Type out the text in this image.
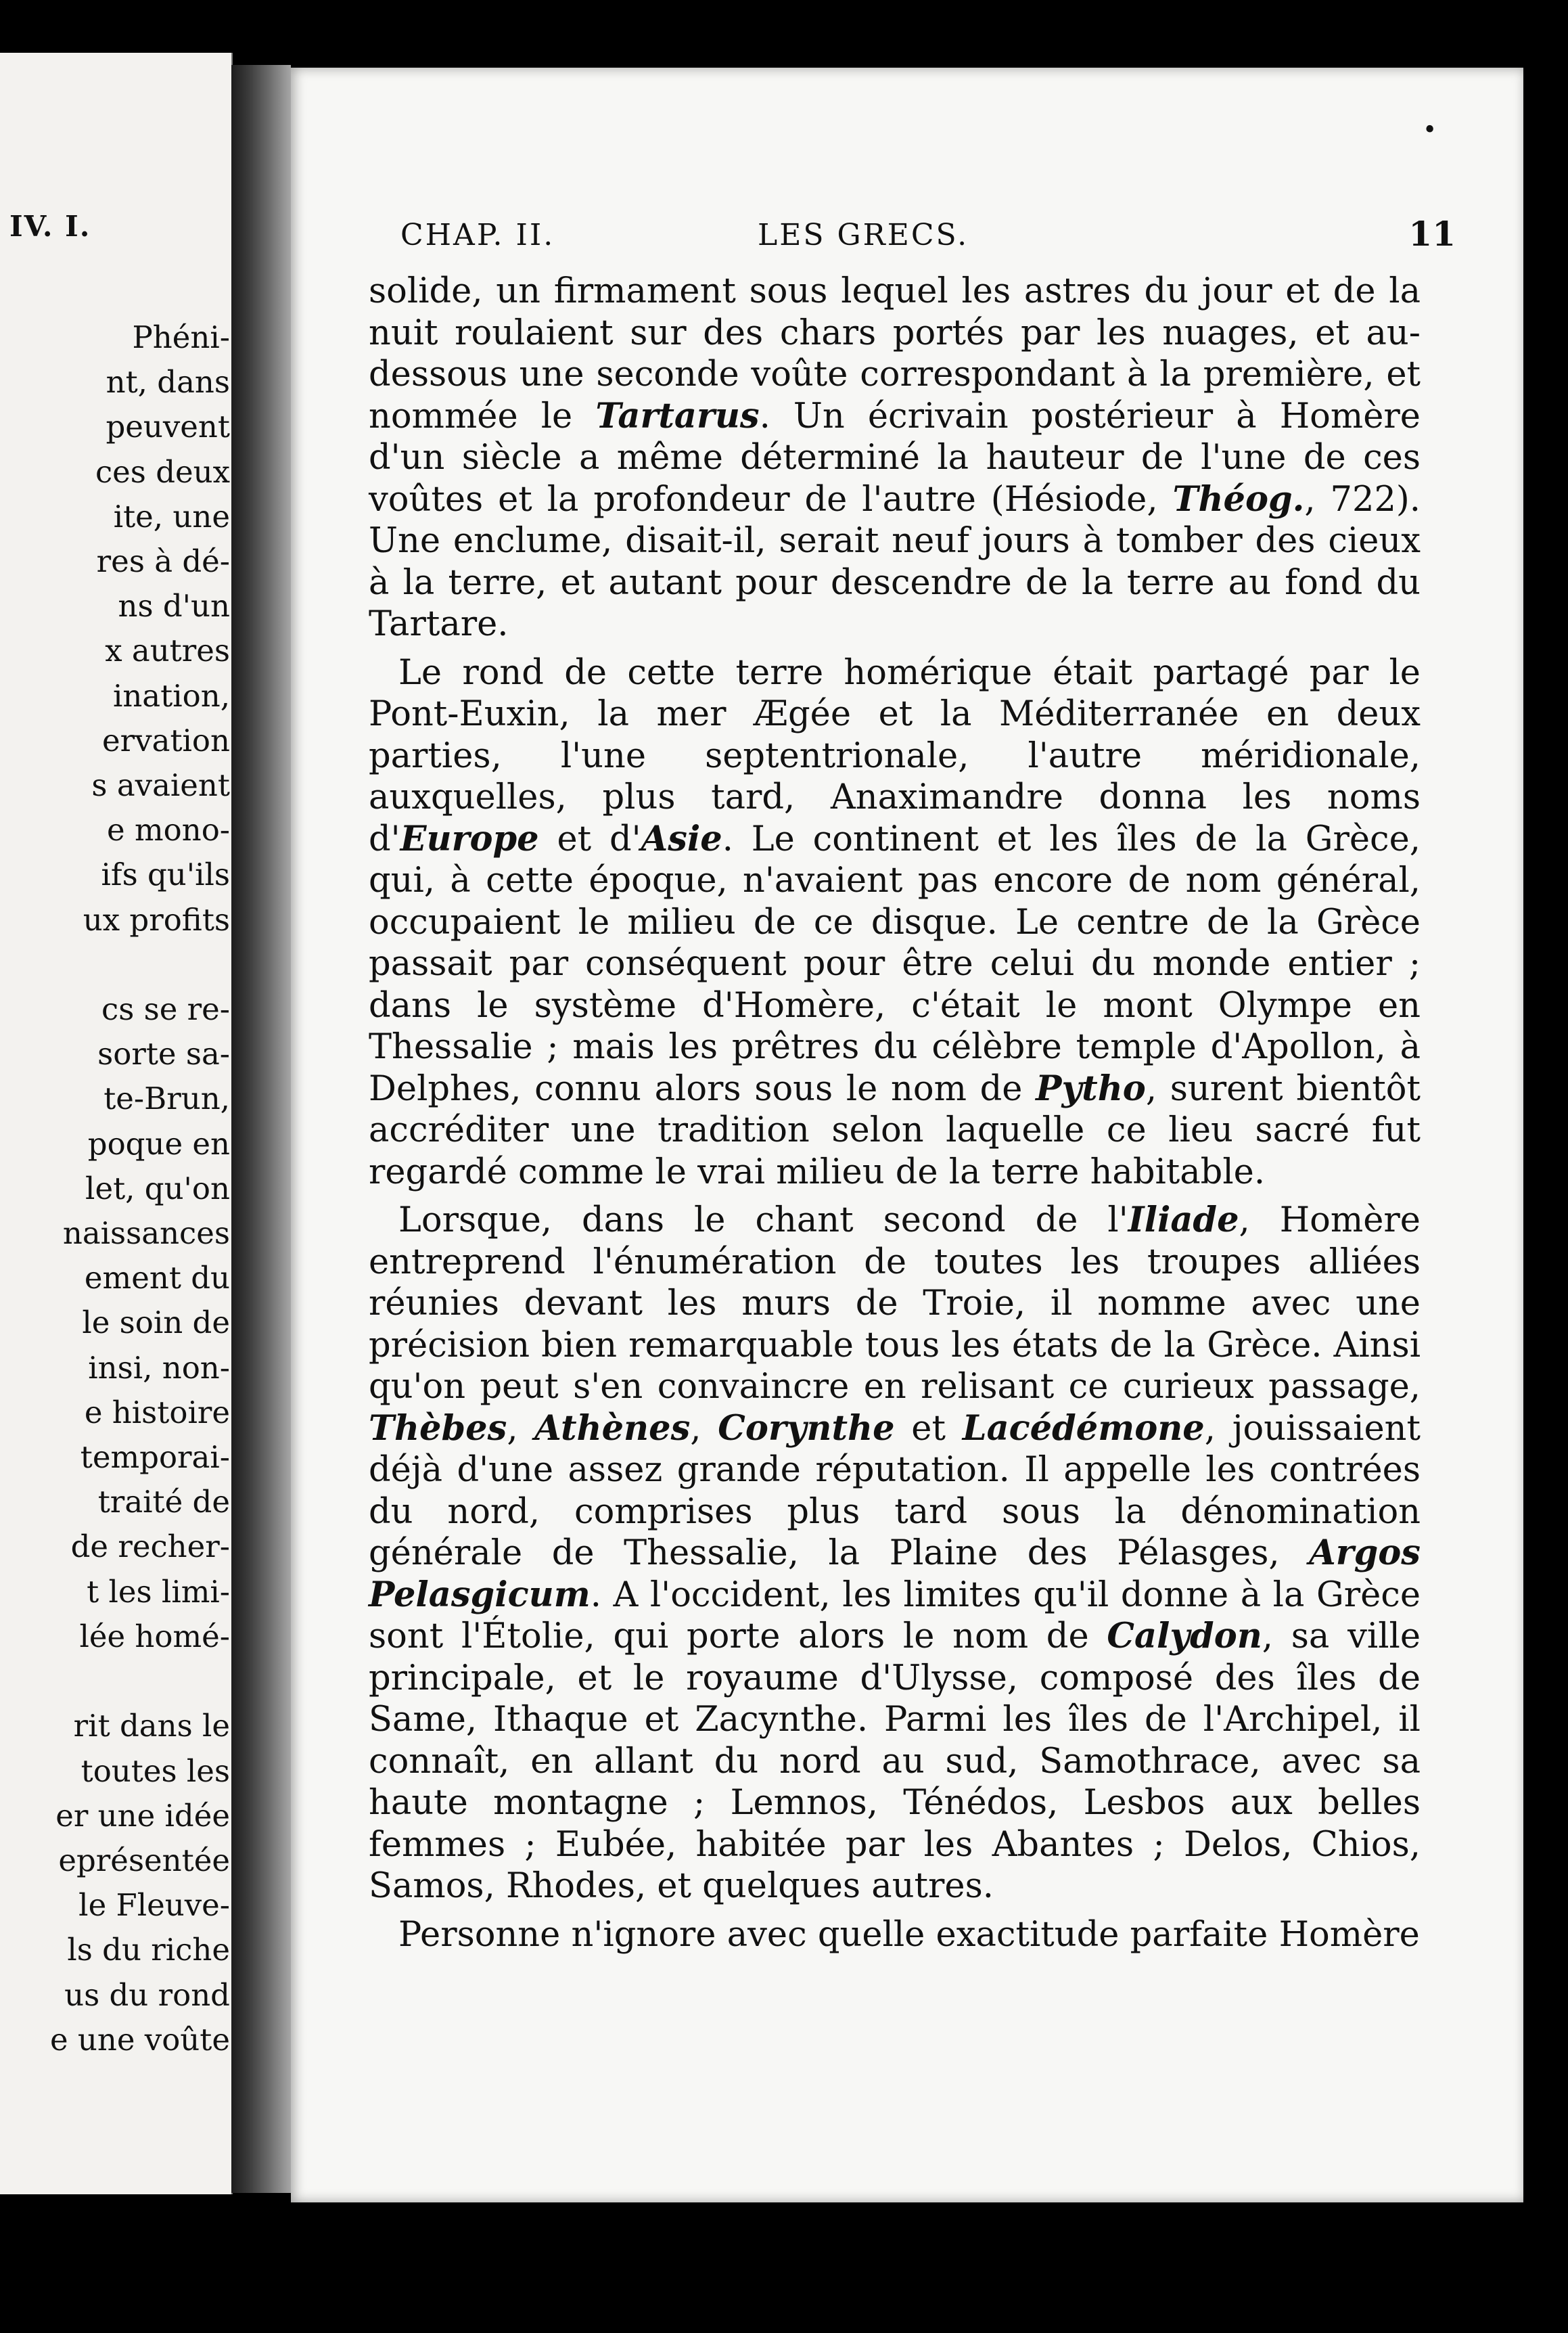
IV. I.
Phéni-
nt, dans
peuvent
ces deux
ite, une
res à dé-
ns d'un
x autres
ination,
ervation
s avaient
e mono-
ifs qu'ils
ux profits

cs se re-
sorte sa-
te-Brun,
poque en
let, qu'on
naissances
ement du
le soin de
insi, non-
e histoire
temporai-
traité de
de recher-
t les limi-
lée homé-

rit dans le
toutes les
er une idée
eprésentée
le Fleuve-
ls du riche
us du rond
e une voûte
•
CHAP. II.	LES GRECS.	11

solide, un firmament sous lequel les astres du jour et de la nuit roulaient sur des chars portés par les nuages, et au-dessous une seconde voûte correspondant à la première, et nommée le Tartarus. Un écrivain postérieur à Homère d'un siècle a même déterminé la hauteur de l'une de ces voûtes et la profondeur de l'autre (Hésiode, Théog., 722). Une enclume, disait-il, serait neuf jours à tomber des cieux à la terre, et autant pour descendre de la terre au fond du Tartare.

Le rond de cette terre homérique était partagé par le Pont-Euxin, la mer Ægée et la Méditerranée en deux parties, l'une septentrionale, l'autre méridionale, auxquelles, plus tard, Anaximandre donna les noms d'Europe et d'Asie. Le continent et les îles de la Grèce, qui, à cette époque, n'avaient pas encore de nom général, occupaient le milieu de ce disque. Le centre de la Grèce passait par conséquent pour être celui du monde entier ; dans le système d'Homère, c'était le mont Olympe en Thessalie ; mais les prêtres du célèbre temple d'Apollon, à Delphes, connu alors sous le nom de Pytho, surent bientôt accréditer une tradition selon laquelle ce lieu sacré fut regardé comme le vrai milieu de la terre habitable.

Lorsque, dans le chant second de l'Iliade, Homère entreprend l'énumération de toutes les troupes alliées réunies devant les murs de Troie, il nomme avec une précision bien remarquable tous les états de la Grèce. Ainsi qu'on peut s'en convaincre en relisant ce curieux passage, Thèbes, Athènes, Corynthe et Lacédémone, jouissaient déjà d'une assez grande réputation. Il appelle les contrées du nord, comprises plus tard sous la dénomination générale de Thessalie, la Plaine des Pélasges, Argos Pelasgicum. A l'occident, les limites qu'il donne à la Grèce sont l'Étolie, qui porte alors le nom de Calydon, sa ville principale, et le royaume d'Ulysse, composé des îles de Same, Ithaque et Zacynthe. Parmi les îles de l'Archipel, il connaît, en allant du nord au sud, Samothrace, avec sa haute montagne ; Lemnos, Ténédos, Lesbos aux belles femmes ; Eubée, habitée par les Abantes ; Delos, Chios, Samos, Rhodes, et quelques autres.

Personne n'ignore avec quelle exactitude parfaite Homère
